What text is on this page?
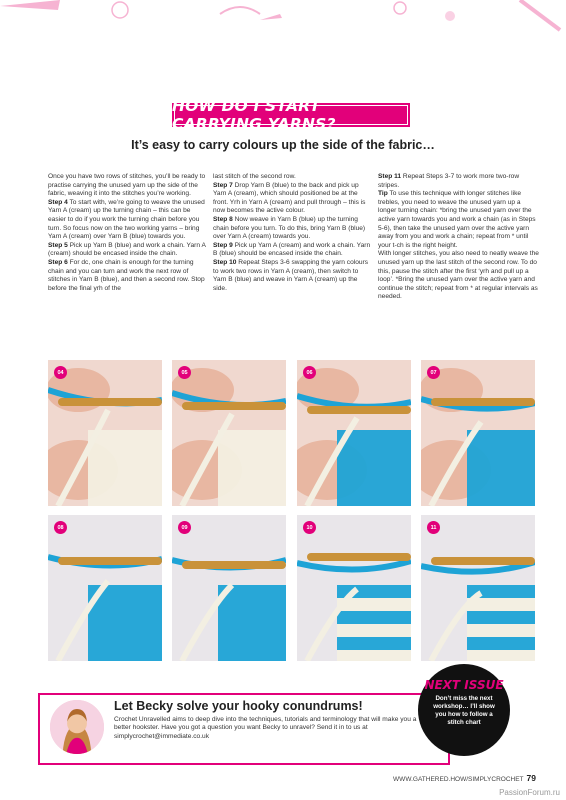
HOW DO I START CARRYING YARNS?
It’s easy to carry colours up the side of the fabric…

Once you have two rows of stitches, you’ll be ready to practise carrying the unused yarn up the side of the fabric, weaving it into the stitches you’re working.

Step 4 To start with, we’re going to weave the unused Yarn A (cream) up the turning chain – this can be easier to do if you work the turning chain before you turn. So focus now on the two working yarns – bring Yarn A (cream) over Yarn B (blue) towards you.

Step 5 Pick up Yarn B (blue) and work a chain. Yarn A (cream) should be encased inside the chain.

Step 6 For dc, one chain is enough for the turning chain and you can turn and work the next row of stitches in Yarn B (blue), and then a second row. Stop before the final yrh of the

last stitch of the second row.

Step 7 Drop Yarn B (blue) to the back and pick up Yarn A (cream), which should positioned be at the front. Yrh in Yarn A (cream) and pull through – this is now becomes the active colour.

Step 8 Now weave in Yarn B (blue) up the turning chain before you turn. To do this, bring Yarn B (blue) over Yarn A (cream) towards you.

Step 9 Pick up Yarn A (cream) and work a chain. Yarn B (blue) should be encased inside the chain.

Step 10 Repeat Steps 3-6 swapping the yarn colours to work two rows in Yarn A (cream), then switch to Yarn B (blue) and weave in Yarn A (cream) up the side.

Step 11 Repeat Steps 3-7 to work more two-row stripes.

Tip To use this technique with longer stitches like trebles, you need to weave the unused yarn up a longer turning chain: *bring the unused yarn over the active yarn towards you and work a chain (as in Steps 5-6), then take the unused yarn over the active yarn away from you and work a chain; repeat from * until your t-ch is the right height.

With longer stitches, you also need to neatly weave the unused yarn up the last stitch of the second row. To do this, pause the stitch after the first ‘yrh and pull up a loop’. *Bring the unused yarn over the active yarn and continue the stitch; repeat from * at regular intervals as needed.

04	05	06	07
08	09	10	11
Let Becky solve your hooky conundrums!
Crochet Unravelled aims to deep dive into the techniques, tutorials and terminology that will make you a better hookster. Have you got a question you want Becky to unravel? Send it in to us at simplycrochet@immediate.co.uk
NEXT ISSUE
Don’t miss the next workshop… I’ll show you how to follow a stitch chart
WWW.GATHERED.HOW/SIMPLYCROCHET 79
PassionForum.ru
